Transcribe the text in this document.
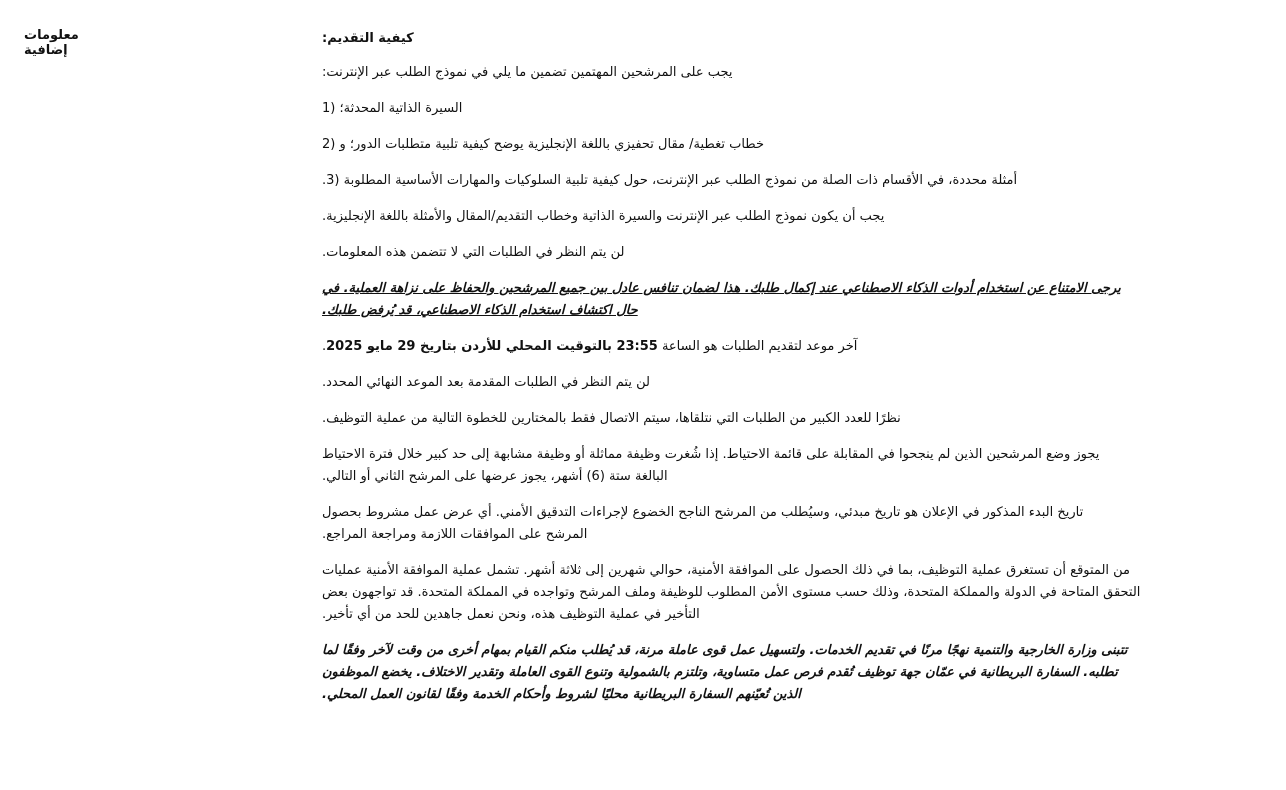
معلومات إضافية
كيفية التقديم:
يجب على المرشحين المهتمين تضمين ما يلي في نموذج الطلب عبر الإنترنت:
السيرة الذاتية المحدثة؛ (1
خطاب تغطية/ مقال تحفيزي باللغة الإنجليزية يوضح كيفية تلبية متطلبات الدور؛ و (2
أمثلة محددة، في الأقسام ذات الصلة من نموذج الطلب عبر الإنترنت، حول كيفية تلبية السلوكيات والمهارات الأساسية المطلوبة (3.
يجب أن يكون نموذج الطلب عبر الإنترنت والسيرة الذاتية وخطاب التقديم/المقال والأمثلة باللغة الإنجليزية.
لن يتم النظر في الطلبات التي لا تتضمن هذه المعلومات.
يرجى الامتناع عن استخدام أدوات الذكاء الاصطناعي عند إكمال طلبك. هذا لضمان تنافس عادل بين جميع المرشحين والحفاظ على نزاهة العملية. في
حال اكتشاف استخدام الذكاء الاصطناعي، قد يُرفض طلبك.
آخر موعد لتقديم الطلبات هو الساعة 23:55 بالتوقيت المحلي للأردن بتاريخ 29 مايو 2025.
لن يتم النظر في الطلبات المقدمة بعد الموعد النهائي المحدد.
نظرًا للعدد الكبير من الطلبات التي نتلقاها، سيتم الاتصال فقط بالمختارين للخطوة التالية من عملية التوظيف.
يجوز وضع المرشحين الذين لم ينجحوا في المقابلة على قائمة الاحتياط. إذا شُغرت وظيفة مماثلة أو وظيفة مشابهة إلى حد كبير خلال فترة الاحتياط
البالغة ستة (6) أشهر، يجوز عرضها على المرشح الثاني أو التالي.
تاريخ البدء المذكور في الإعلان هو تاريخ مبدئي، وسيُطلب من المرشح الناجح الخضوع لإجراءات التدقيق الأمني. أي عرض عمل مشروط بحصول
المرشح على الموافقات اللازمة ومراجعة المراجع.
من المتوقع أن تستغرق عملية التوظيف، بما في ذلك الحصول على الموافقة الأمنية، حوالي شهرين إلى ثلاثة أشهر. تشمل عملية الموافقة الأمنية عمليات
التحقق المتاحة في الدولة والمملكة المتحدة، وذلك حسب مستوى الأمن المطلوب للوظيفة وملف المرشح وتواجده في المملكة المتحدة. قد تواجهون بعض
التأخير في عملية التوظيف هذه، ونحن نعمل جاهدين للحد من أي تأخير.
تتبنى وزارة الخارجية والتنمية نهجًا مرنًا في تقديم الخدمات. ولتسهيل عمل قوى عاملة مرنة، قد يُطلب منكم القيام بمهام أخرى من وقت لآخر وفقًا لما
تطلبه. السفارة البريطانية في عمّان جهة توظيف تُقدم فرص عمل متساوية، وتلتزم بالشمولية وتنوع القوى العاملة وتقدير الاختلاف. يخضع الموظفون
الذين تُعيّنهم السفارة البريطانية محليًا لشروط وأحكام الخدمة وفقًا لقانون العمل المحلي.
